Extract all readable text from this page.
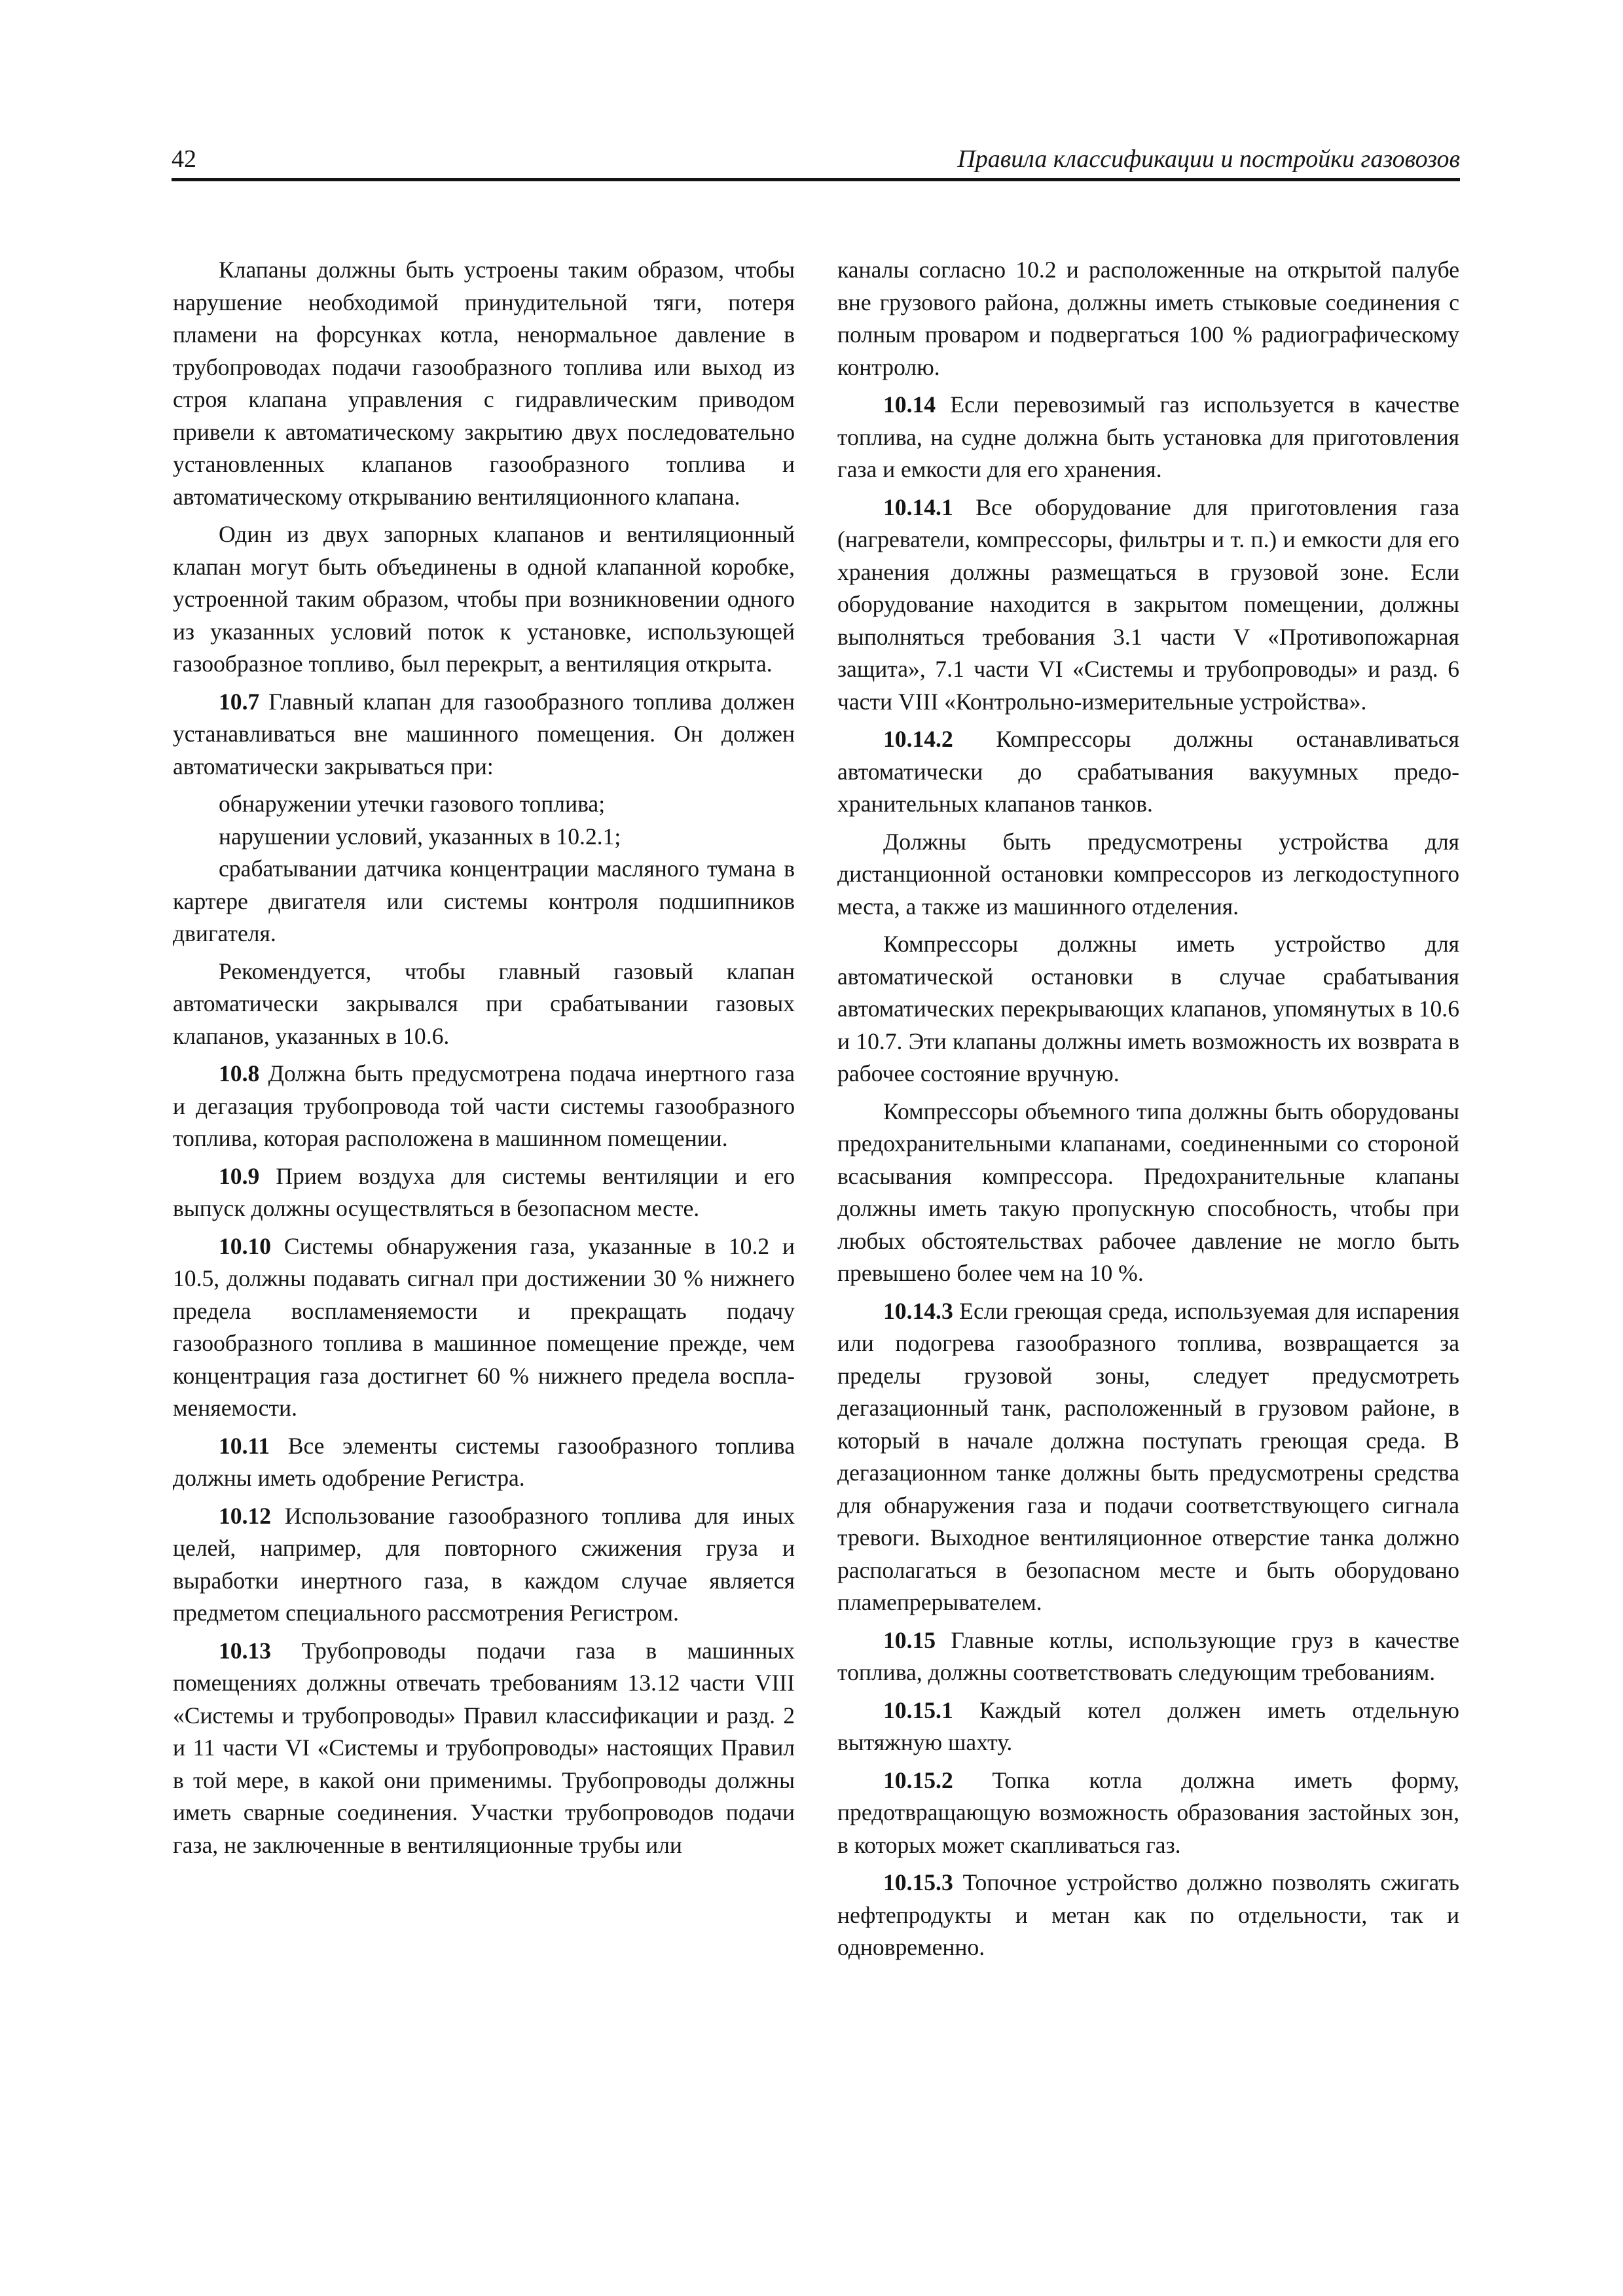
42	Правила классификации и постройки газовозов

Клапаны должны быть устроены таким образом, чтобы нарушение необходимой принудительной тяги, потеря пламени на форсунках котла, ненормальное давление в трубопроводах подачи газообразного топлива или выход из строя клапана управления с гидравлическим приводом привели к автоматическому закрытию двух последовательно установленных клапанов газообразного топлива и автоматическому открыванию вентиляционного клапана.

Один из двух запорных клапанов и вентиляционный клапан могут быть объединены в одной клапанной коробке, устроенной таким образом, чтобы при возникновении одного из указанных условий поток к установке, использующей газообразное топливо, был перекрыт, а вентиляция открыта.

10.7 Главный клапан для газообразного топлива должен устанавливаться вне машинного помещения. Он должен автоматически закрываться при:

обнаружении утечки газового топлива;

нарушении условий, указанных в 10.2.1;

срабатывании датчика концентрации масляного тумана в картере двигателя или системы контроля подшипников двигателя.

Рекомендуется, чтобы главный газовый клапан автоматически закрывался при срабатывании газовых клапанов, указанных в 10.6.

10.8 Должна быть предусмотрена подача инертного газа и дегазация трубопровода той части системы газообразного топлива, которая расположена в машинном помещении.

10.9 Прием воздуха для системы вентиляции и его выпуск должны осуществляться в безопасном месте.

10.10 Системы обнаружения газа, указанные в 10.2 и 10.5, должны подавать сигнал при достижении 30 % нижнего предела воспламеняемости и прекращать подачу газообразного топлива в машинное помещение прежде, чем концентрация газа достигнет 60 % нижнего предела воспламеняемости.

10.11 Все элементы системы газообразного топлива должны иметь одобрение Регистра.

10.12 Использование газообразного топлива для иных целей, например, для повторного сжижения груза и выработки инертного газа, в каждом случае является предметом специального рассмотрения Регистром.

10.13 Трубопроводы подачи газа в машинных помещениях должны отвечать требованиям 13.12 части VIII «Системы и трубопроводы» Правил классификации и разд. 2 и 11 части VI «Системы и трубопроводы» настоящих Правил в той мере, в какой они применимы. Трубопроводы должны иметь сварные соединения. Участки трубопроводов подачи газа, не заключенные в вентиляционные трубы или

каналы согласно 10.2 и расположенные на открытой палубе вне грузового района, должны иметь стыковые соединения с полным проваром и подвергаться 100 % радиографическому контролю.

10.14 Если перевозимый газ используется в качестве топлива, на судне должна быть установка для приготовления газа и емкости для его хранения.

10.14.1 Все оборудование для приготовления газа (нагреватели, компрессоры, фильтры и т. п.) и емкости для его хранения должны размещаться в грузовой зоне. Если оборудование находится в закрытом помещении, должны выполняться требования 3.1 части V «Противопожарная защита», 7.1 части VI «Системы и трубопроводы» и разд. 6 части VIII «Контрольно-измерительные устройства».

10.14.2 Компрессоры должны останавливаться автоматически до срабатывания вакуумных предохранительных клапанов танков.

Должны быть предусмотрены устройства для дистанционной остановки компрессоров из легкодоступного места, а также из машинного отделения.

Компрессоры должны иметь устройство для автоматической остановки в случае срабатывания автоматических перекрывающих клапанов, упомянутых в 10.6 и 10.7. Эти клапаны должны иметь возможность их возврата в рабочее состояние вручную.

Компрессоры объемного типа должны быть оборудованы предохранительными клапанами, соединенными со стороной всасывания компрессора. Предохранительные клапаны должны иметь такую пропускную способность, чтобы при любых обстоятельствах рабочее давление не могло быть превышено более чем на 10 %.

10.14.3 Если греющая среда, используемая для испарения или подогрева газообразного топлива, возвращается за пределы грузовой зоны, следует предусмотреть дегазационный танк, расположенный в грузовом районе, в который в начале должна поступать греющая среда. В дегазационном танке должны быть предусмотрены средства для обнаружения газа и подачи соответствующего сигнала тревоги. Выходное вентиляционное отверстие танка должно располагаться в безопасном месте и быть оборудовано пламепрерывателем.

10.15 Главные котлы, использующие груз в качестве топлива, должны соответствовать следующим требованиям.

10.15.1 Каждый котел должен иметь отдельную вытяжную шахту.

10.15.2 Топка котла должна иметь форму, предотвращающую возможность образования застойных зон, в которых может скапливаться газ.

10.15.3 Топочное устройство должно позволять сжигать нефтепродукты и метан как по отдельности, так и одновременно.
